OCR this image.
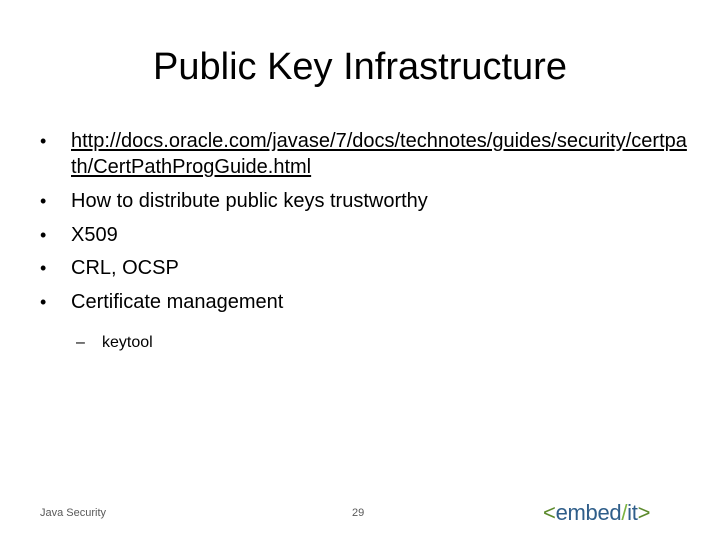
Public Key Infrastructure
• http://docs.oracle.com/javase/7/docs/technotes/guides/security/certpath/CertPathProgGuide.html
• How to distribute public keys trustworthy
• X509
• CRL, OCSP
• Certificate management
– keytool
Java Security	29	<embed/it>
